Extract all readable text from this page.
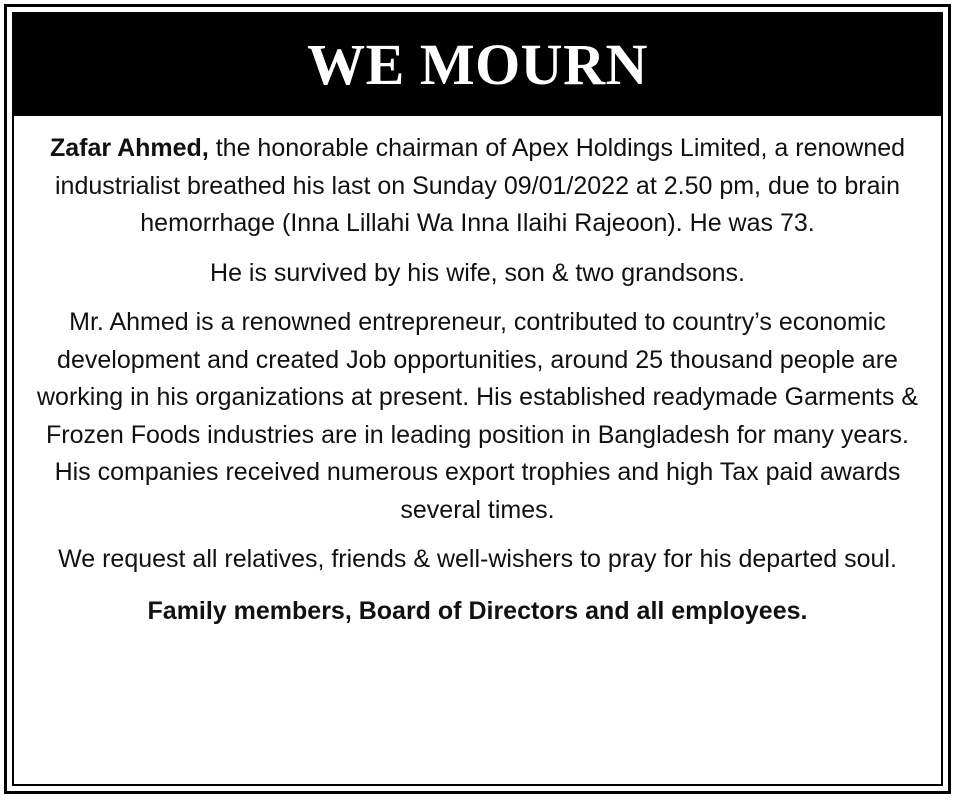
WE MOURN

Zafar Ahmed, the honorable chairman of Apex Holdings Limited, a renowned industrialist breathed his last on Sunday 09/01/2022 at 2.50 pm, due to brain hemorrhage (Inna Lillahi Wa Inna Ilaihi Rajeoon). He was 73.

He is survived by his wife, son & two grandsons.

Mr. Ahmed is a renowned entrepreneur, contributed to country’s economic development and created Job opportunities, around 25 thousand people are working in his organizations at present. His established readymade Garments & Frozen Foods industries are in leading position in Bangladesh for many years. His companies received numerous export trophies and high Tax paid awards several times.

We request all relatives, friends & well-wishers to pray for his departed soul.

Family members, Board of Directors and all employees.
